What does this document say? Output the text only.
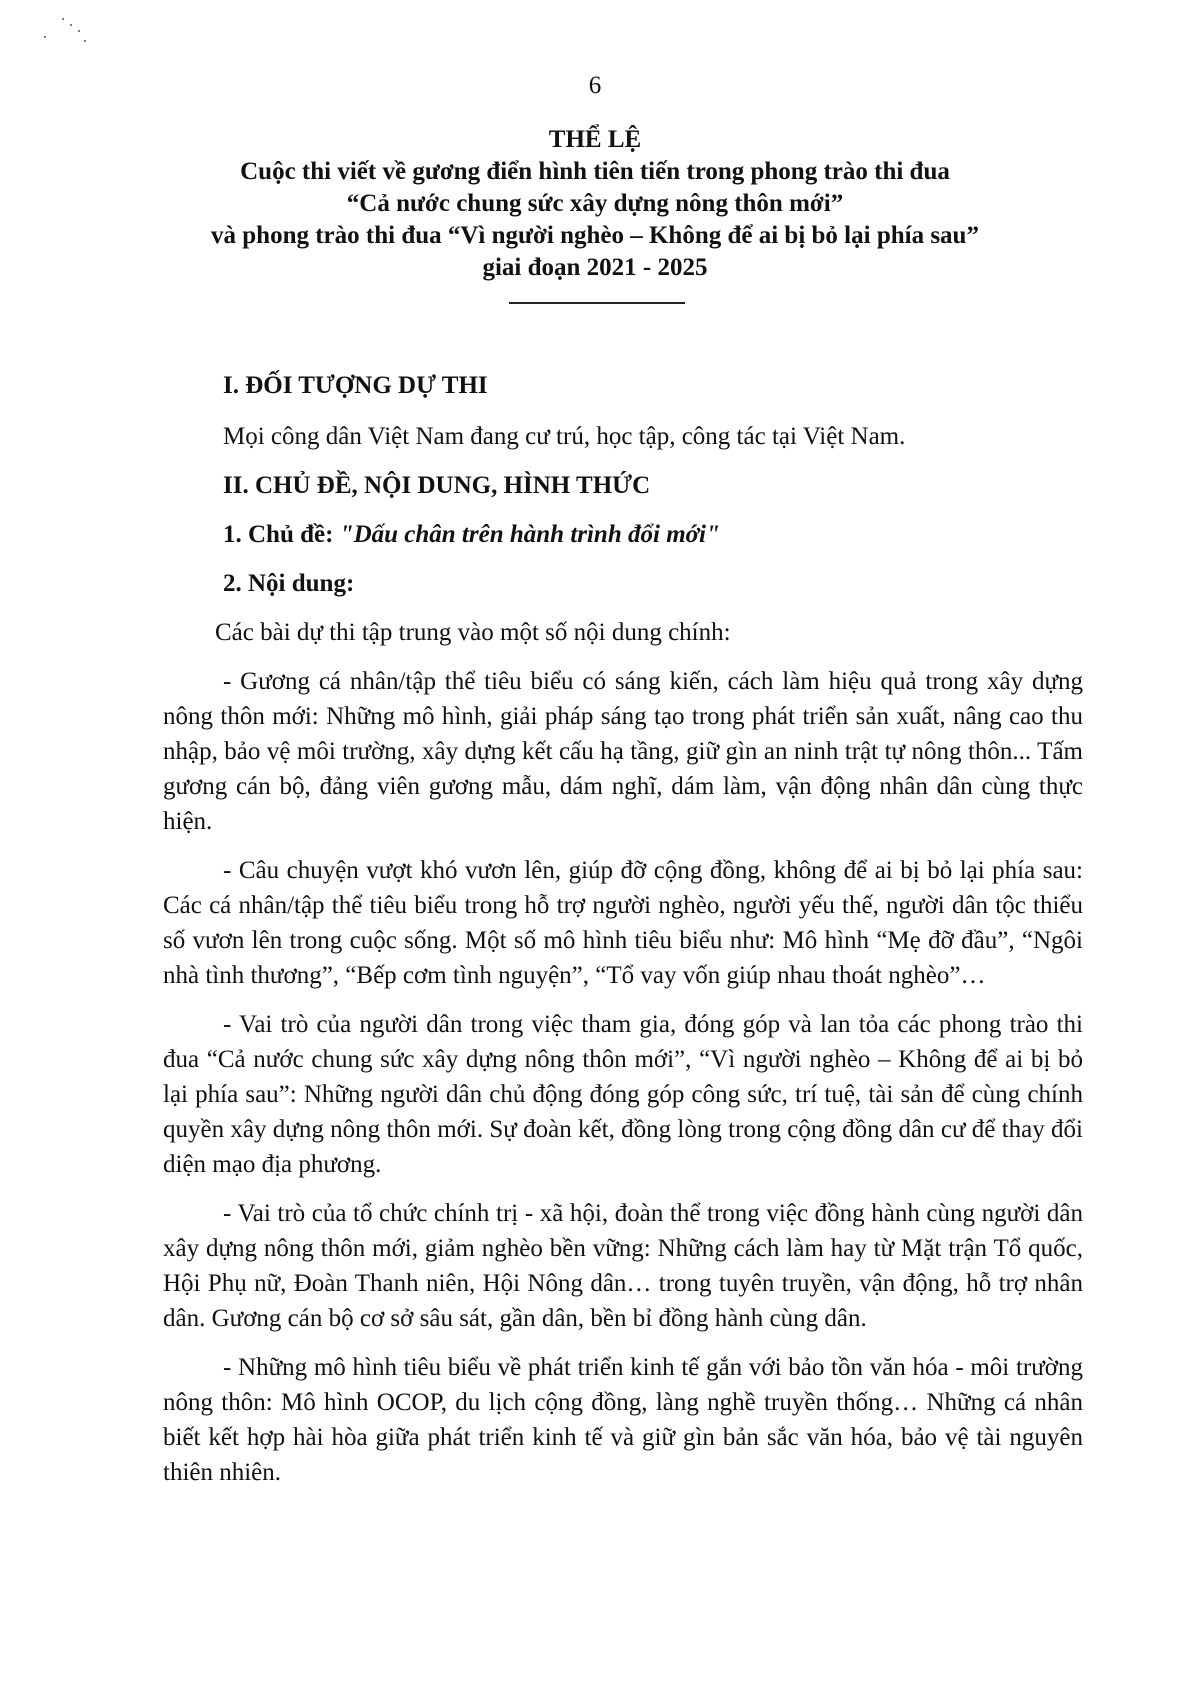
6
THỂ LỆ
Cuộc thi viết về gương điển hình tiên tiến trong phong trào thi đua
“Cả nước chung sức xây dựng nông thôn mới”
và phong trào thi đua “Vì người nghèo – Không để ai bị bỏ lại phía sau”
giai đoạn 2021 - 2025
I. ĐỐI TƯỢNG DỰ THI
Mọi công dân Việt Nam đang cư trú, học tập, công tác tại Việt Nam.
II. CHỦ ĐỀ, NỘI DUNG, HÌNH THỨC
1. Chủ đề: "Dấu chân trên hành trình đổi mới"
2. Nội dung:
Các bài dự thi tập trung vào một số nội dung chính:
- Gương cá nhân/tập thể tiêu biểu có sáng kiến, cách làm hiệu quả trong xây dựng nông thôn mới: Những mô hình, giải pháp sáng tạo trong phát triển sản xuất, nâng cao thu nhập, bảo vệ môi trường, xây dựng kết cấu hạ tầng, giữ gìn an ninh trật tự nông thôn... Tấm gương cán bộ, đảng viên gương mẫu, dám nghĩ, dám làm, vận động nhân dân cùng thực hiện.
- Câu chuyện vượt khó vươn lên, giúp đỡ cộng đồng, không để ai bị bỏ lại phía sau: Các cá nhân/tập thể tiêu biểu trong hỗ trợ người nghèo, người yếu thế, người dân tộc thiểu số vươn lên trong cuộc sống. Một số mô hình tiêu biểu như: Mô hình “Mẹ đỡ đầu”, “Ngôi nhà tình thương”, “Bếp cơm tình nguyện”, “Tổ vay vốn giúp nhau thoát nghèo”…
- Vai trò của người dân trong việc tham gia, đóng góp và lan tỏa các phong trào thi đua “Cả nước chung sức xây dựng nông thôn mới”, “Vì người nghèo – Không để ai bị bỏ lại phía sau”: Những người dân chủ động đóng góp công sức, trí tuệ, tài sản để cùng chính quyền xây dựng nông thôn mới. Sự đoàn kết, đồng lòng trong cộng đồng dân cư để thay đổi diện mạo địa phương.
- Vai trò của tổ chức chính trị - xã hội, đoàn thể trong việc đồng hành cùng người dân xây dựng nông thôn mới, giảm nghèo bền vững: Những cách làm hay từ Mặt trận Tổ quốc, Hội Phụ nữ, Đoàn Thanh niên, Hội Nông dân… trong tuyên truyền, vận động, hỗ trợ nhân dân. Gương cán bộ cơ sở sâu sát, gần dân, bền bỉ đồng hành cùng dân.
- Những mô hình tiêu biểu về phát triển kinh tế gắn với bảo tồn văn hóa - môi trường nông thôn: Mô hình OCOP, du lịch cộng đồng, làng nghề truyền thống… Những cá nhân biết kết hợp hài hòa giữa phát triển kinh tế và giữ gìn bản sắc văn hóa, bảo vệ tài nguyên thiên nhiên.
